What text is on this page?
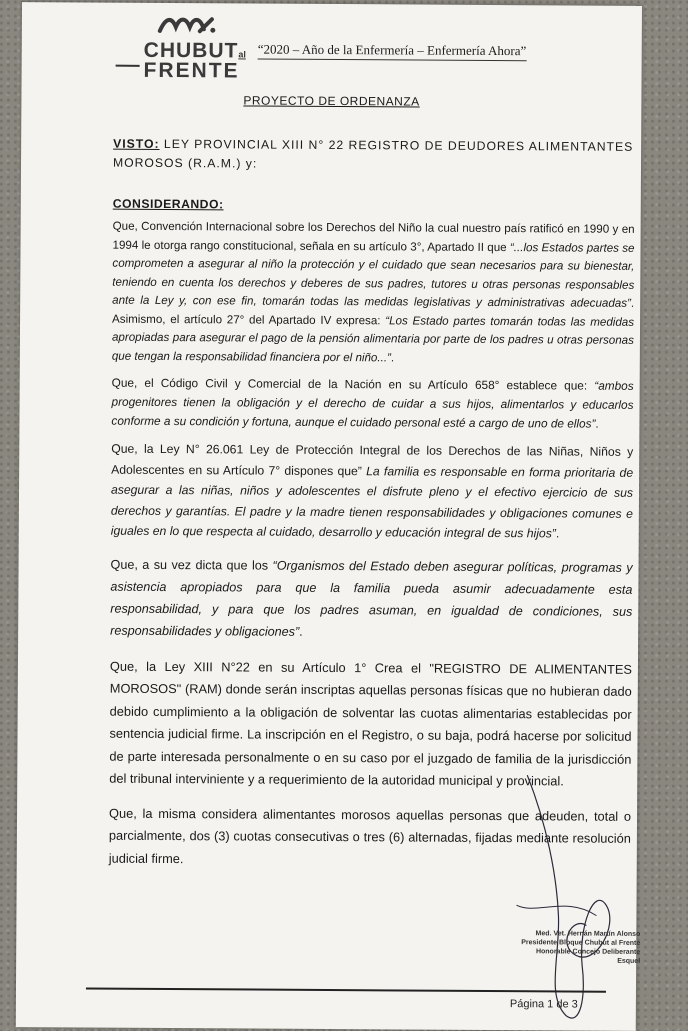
CHUBUTal
FRENTE
“2020 – Año de la Enfermería – Enfermería Ahora”
PROYECTO DE ORDENANZA

VISTO: LEY PROVINCIAL XIII N° 22 REGISTRO DE DEUDORES ALIMENTANTES MOROSOS (R.A.M.) y:

CONSIDERANDO:

Que, Convención Internacional sobre los Derechos del Niño la cual nuestro país ratificó en 1990 y en 1994 le otorga rango constitucional, señala en su artículo 3°, Apartado II que “...los Estados partes se comprometen a asegurar al niño la protección y el cuidado que sean necesarios para su bienestar, teniendo en cuenta los derechos y deberes de sus padres, tutores u otras personas responsables ante la Ley y, con ese fin, tomarán todas las medidas legislativas y administrativas adecuadas”. Asimismo, el artículo 27° del Apartado IV expresa: “Los Estado partes tomarán todas las medidas apropiadas para asegurar el pago de la pensión alimentaria por parte de los padres u otras personas que tengan la responsabilidad financiera por el niño...”.

Que, el Código Civil y Comercial de la Nación en su Artículo 658° establece que: “ambos progenitores tienen la obligación y el derecho de cuidar a sus hijos, alimentarlos y educarlos conforme a su condición y fortuna, aunque el cuidado personal esté a cargo de uno de ellos”.

Que, la Ley N° 26.061 Ley de Protección Integral de los Derechos de las Niñas, Niños y Adolescentes en su Artículo 7° dispones que” La familia es responsable en forma prioritaria de asegurar a las niñas, niños y adolescentes el disfrute pleno y el efectivo ejercicio de sus derechos y garantías. El padre y la madre tienen responsabilidades y obligaciones comunes e iguales en lo que respecta al cuidado, desarrollo y educación integral de sus hijos”.

Que, a su vez dicta que los “Organismos del Estado deben asegurar políticas, programas y asistencia apropiados para que la familia pueda asumir adecuadamente esta responsabilidad, y para que los padres asuman, en igualdad de condiciones, sus responsabilidades y obligaciones”.

Que, la Ley XIII N°22 en su Artículo 1° Crea el "REGISTRO DE ALIMENTANTES MOROSOS" (RAM) donde serán inscriptas aquellas personas físicas que no hubieran dado debido cumplimiento a la obligación de solventar las cuotas alimentarias establecidas por sentencia judicial firme. La inscripción en el Registro, o su baja, podrá hacerse por solicitud de parte interesada personalmente o en su caso por el juzgado de familia de la jurisdicción del tribunal interviniente y a requerimiento de la autoridad municipal y provincial.

Que, la misma considera alimentantes morosos aquellas personas que adeuden, total o parcialmente, dos (3) cuotas consecutivas o tres (6) alternadas, fijadas mediante resolución judicial firme.

Med. Vet. Hernán Martín Alonso
Presidente Bloque Chubut al Frente
Honorable Concejo Deliberante
Esquel
Página 1 de 3
